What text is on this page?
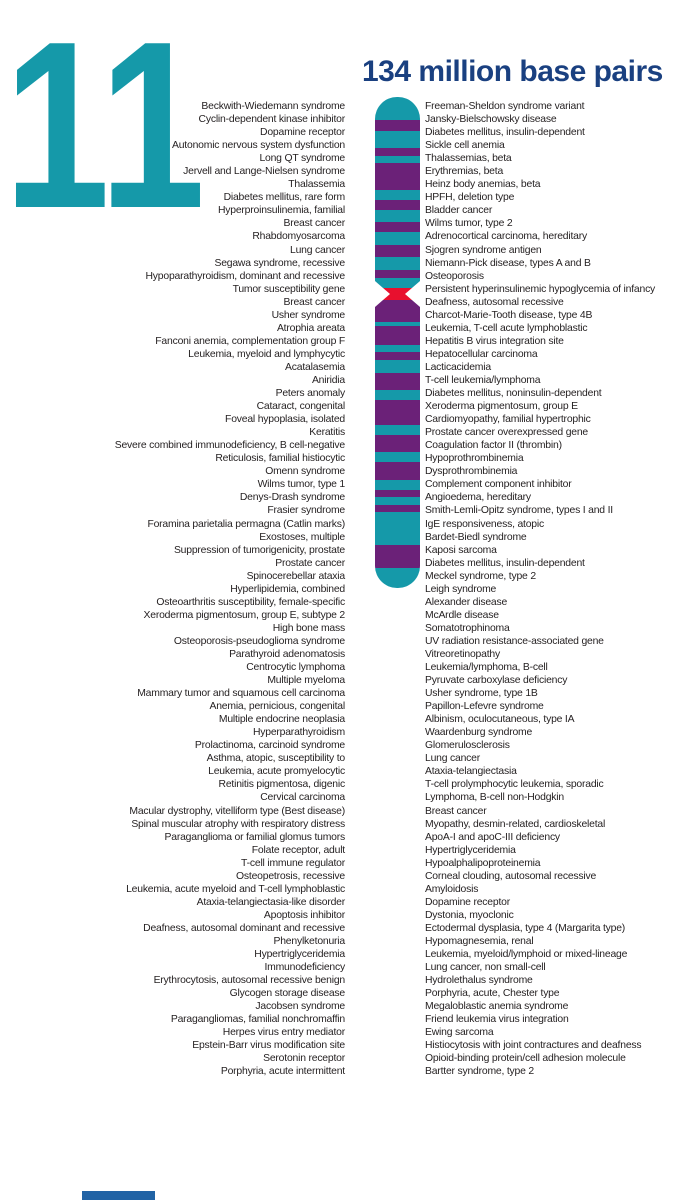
11	134 million base pairs
Beckwith-Wiedemann syndrome
Cyclin-dependent kinase inhibitor
Dopamine receptor
Autonomic nervous system dysfunction
Long QT syndrome
Jervell and Lange-Nielsen syndrome
Thalassemia
Diabetes mellitus, rare form
Hyperproinsulinemia, familial
Breast cancer
Rhabdomyosarcoma
Lung cancer
Segawa syndrome, recessive
Hypoparathyroidism, dominant and recessive
Tumor susceptibility gene
Breast cancer
Usher syndrome
Atrophia areata
Fanconi anemia, complementation group F
Leukemia, myeloid and lymphycytic
Acatalasemia
Aniridia
Peters anomaly
Cataract, congenital
Foveal hypoplasia, isolated
Keratitis
Severe combined immunodeficiency, B cell-negative
Reticulosis, familial histiocytic
Omenn syndrome
Wilms tumor, type 1
Denys-Drash syndrome
Frasier syndrome
Foramina parietalia permagna (Catlin marks)
Exostoses, multiple
Suppression of tumorigenicity, prostate
Prostate cancer
Spinocerebellar ataxia
Hyperlipidemia, combined
Osteoarthritis susceptibility, female-specific
Xeroderma pigmentosum, group E, subtype 2
High bone mass
Osteoporosis-pseudoglioma syndrome
Parathyroid adenomatosis
Centrocytic lymphoma
Multiple myeloma
Mammary tumor and squamous cell carcinoma
Anemia, pernicious, congenital
Multiple endocrine neoplasia
Hyperparathyroidism
Prolactinoma, carcinoid syndrome
Asthma, atopic, susceptibility to
Leukemia, acute promyelocytic
Retinitis pigmentosa, digenic
Cervical carcinoma
Macular dystrophy, vitelliform type (Best disease)
Spinal muscular atrophy with respiratory distress
Paraganglioma or familial glomus tumors
Folate receptor, adult
T-cell immune regulator
Osteopetrosis, recessive
Leukemia, acute myeloid and T-cell lymphoblastic
Ataxia-telangiectasia-like disorder
Apoptosis inhibitor
Deafness, autosomal dominant and recessive
Phenylketonuria
Hypertriglyceridemia
Immunodeficiency
Erythrocytosis, autosomal recessive benign
Glycogen storage disease
Jacobsen syndrome
Paragangliomas, familial nonchromaffin
Herpes virus entry mediator
Epstein-Barr virus modification site
Serotonin receptor
Porphyria, acute intermittent
Freeman-Sheldon syndrome variant
Jansky-Bielschowsky disease
Diabetes mellitus, insulin-dependent
Sickle cell anemia
Thalassemias, beta
Erythremias, beta
Heinz body anemias, beta
HPFH, deletion type
Bladder cancer
Wilms tumor, type 2
Adrenocortical carcinoma, hereditary
Sjogren syndrome antigen
Niemann-Pick disease, types A and B
Osteoporosis
Persistent hyperinsulinemic hypoglycemia of infancy
Deafness, autosomal recessive
Charcot-Marie-Tooth disease, type 4B
Leukemia, T-cell acute lymphoblastic
Hepatitis B virus integration site
Hepatocellular carcinoma
Lacticacidemia
T-cell leukemia/lymphoma
Diabetes mellitus, noninsulin-dependent
Xeroderma pigmentosum, group E
Cardiomyopathy, familial hypertrophic
Prostate cancer overexpressed gene
Coagulation factor II (thrombin)
Hypoprothrombinemia
Dysprothrombinemia
Complement component inhibitor
Angioedema, hereditary
Smith-Lemli-Opitz syndrome, types I and II
IgE responsiveness, atopic
Bardet-Biedl syndrome
Kaposi sarcoma
Diabetes mellitus, insulin-dependent
Meckel syndrome, type 2
Leigh syndrome
Alexander disease
McArdle disease
Somatotrophinoma
UV radiation resistance-associated gene
Vitreoretinopathy
Leukemia/lymphoma, B-cell
Pyruvate carboxylase deficiency
Usher syndrome, type 1B
Papillon-Lefevre syndrome
Albinism, oculocutaneous, type IA
Waardenburg syndrome
Glomerulosclerosis
Lung cancer
Ataxia-telangiectasia
T-cell prolymphocytic leukemia, sporadic
Lymphoma, B-cell non-Hodgkin
Breast cancer
Myopathy, desmin-related, cardioskeletal
ApoA-I and apoC-III deficiency
Hypertriglyceridemia
Hypoalphalipoproteinemia
Corneal clouding, autosomal recessive
Amyloidosis
Dopamine receptor
Dystonia, myoclonic
Ectodermal dysplasia, type 4 (Margarita type)
Hypomagnesemia, renal
Leukemia, myeloid/lymphoid or mixed-lineage
Lung cancer, non small-cell
Hydrolethalus syndrome
Porphyria, acute, Chester type
Megaloblastic anemia syndrome
Friend leukemia virus integration
Ewing sarcoma
Histiocytosis with joint contractures and deafness
Opioid-binding protein/cell adhesion molecule
Bartter syndrome, type 2
